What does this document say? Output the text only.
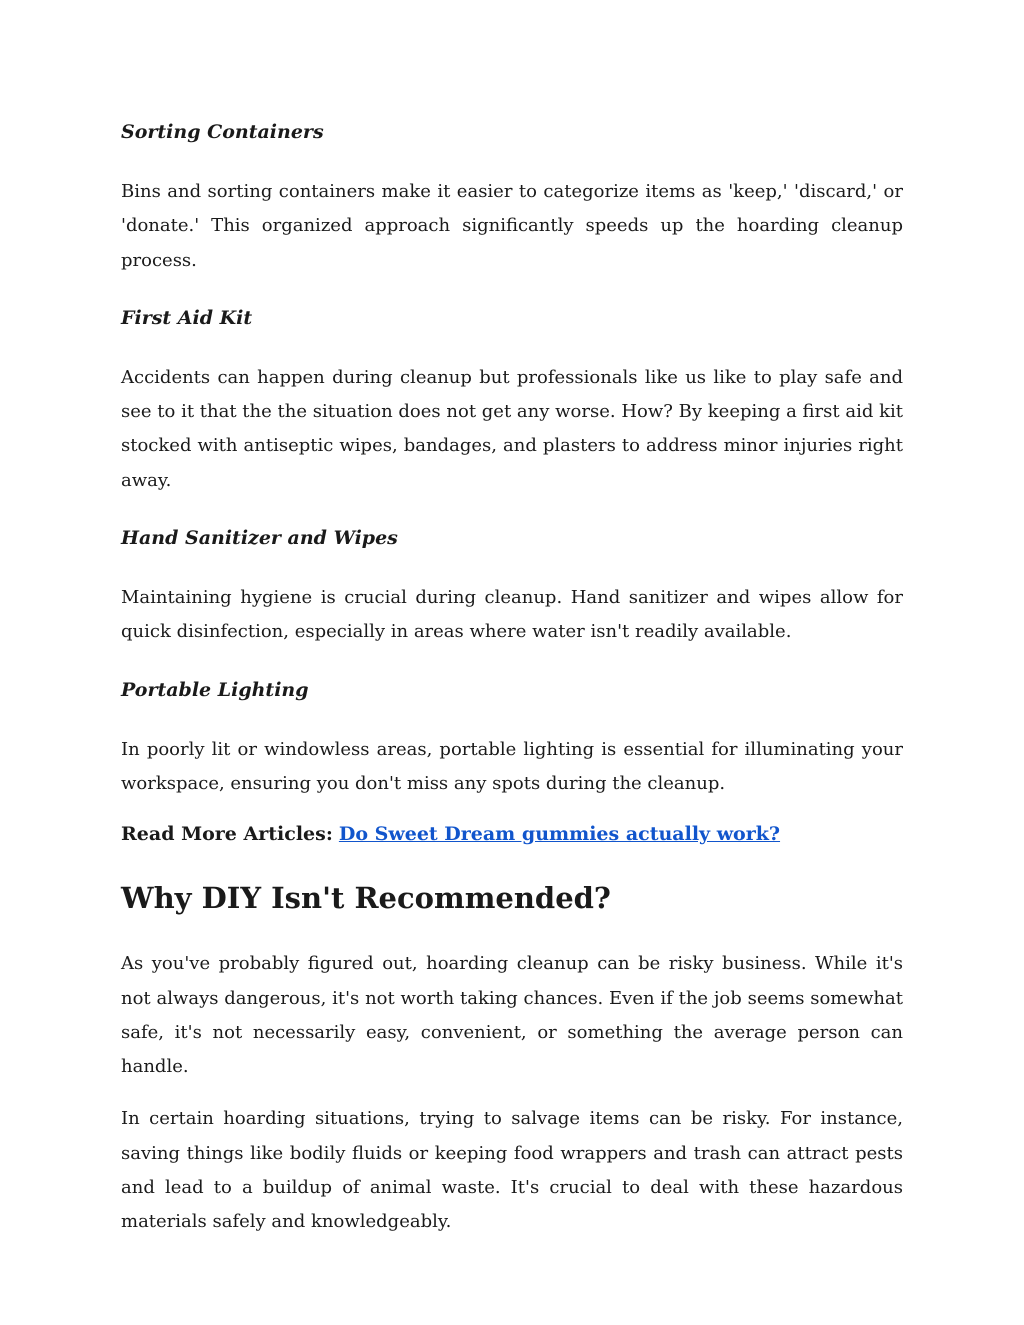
Sorting Containers

Bins and sorting containers make it easier to categorize items as 'keep,' 'discard,' or 'donate.' This organized approach significantly speeds up the hoarding cleanup process.

First Aid Kit

Accidents can happen during cleanup but professionals like us like to play safe and see to it that the the situation does not get any worse. How? By keeping a first aid kit stocked with antiseptic wipes, bandages, and plasters to address minor injuries right away.

Hand Sanitizer and Wipes

Maintaining hygiene is crucial during cleanup. Hand sanitizer and wipes allow for quick disinfection, especially in areas where water isn't readily available.

Portable Lighting

In poorly lit or windowless areas, portable lighting is essential for illuminating your workspace, ensuring you don't miss any spots during the cleanup.

Read More Articles: Do Sweet Dream gummies actually work?

Why DIY Isn't Recommended?

As you've probably figured out, hoarding cleanup can be risky business. While it's not always dangerous, it's not worth taking chances. Even if the job seems somewhat safe, it's not necessarily easy, convenient, or something the average person can handle.

In certain hoarding situations, trying to salvage items can be risky. For instance, saving things like bodily fluids or keeping food wrappers and trash can attract pests and lead to a buildup of animal waste. It's crucial to deal with these hazardous materials safely and knowledgeably.
